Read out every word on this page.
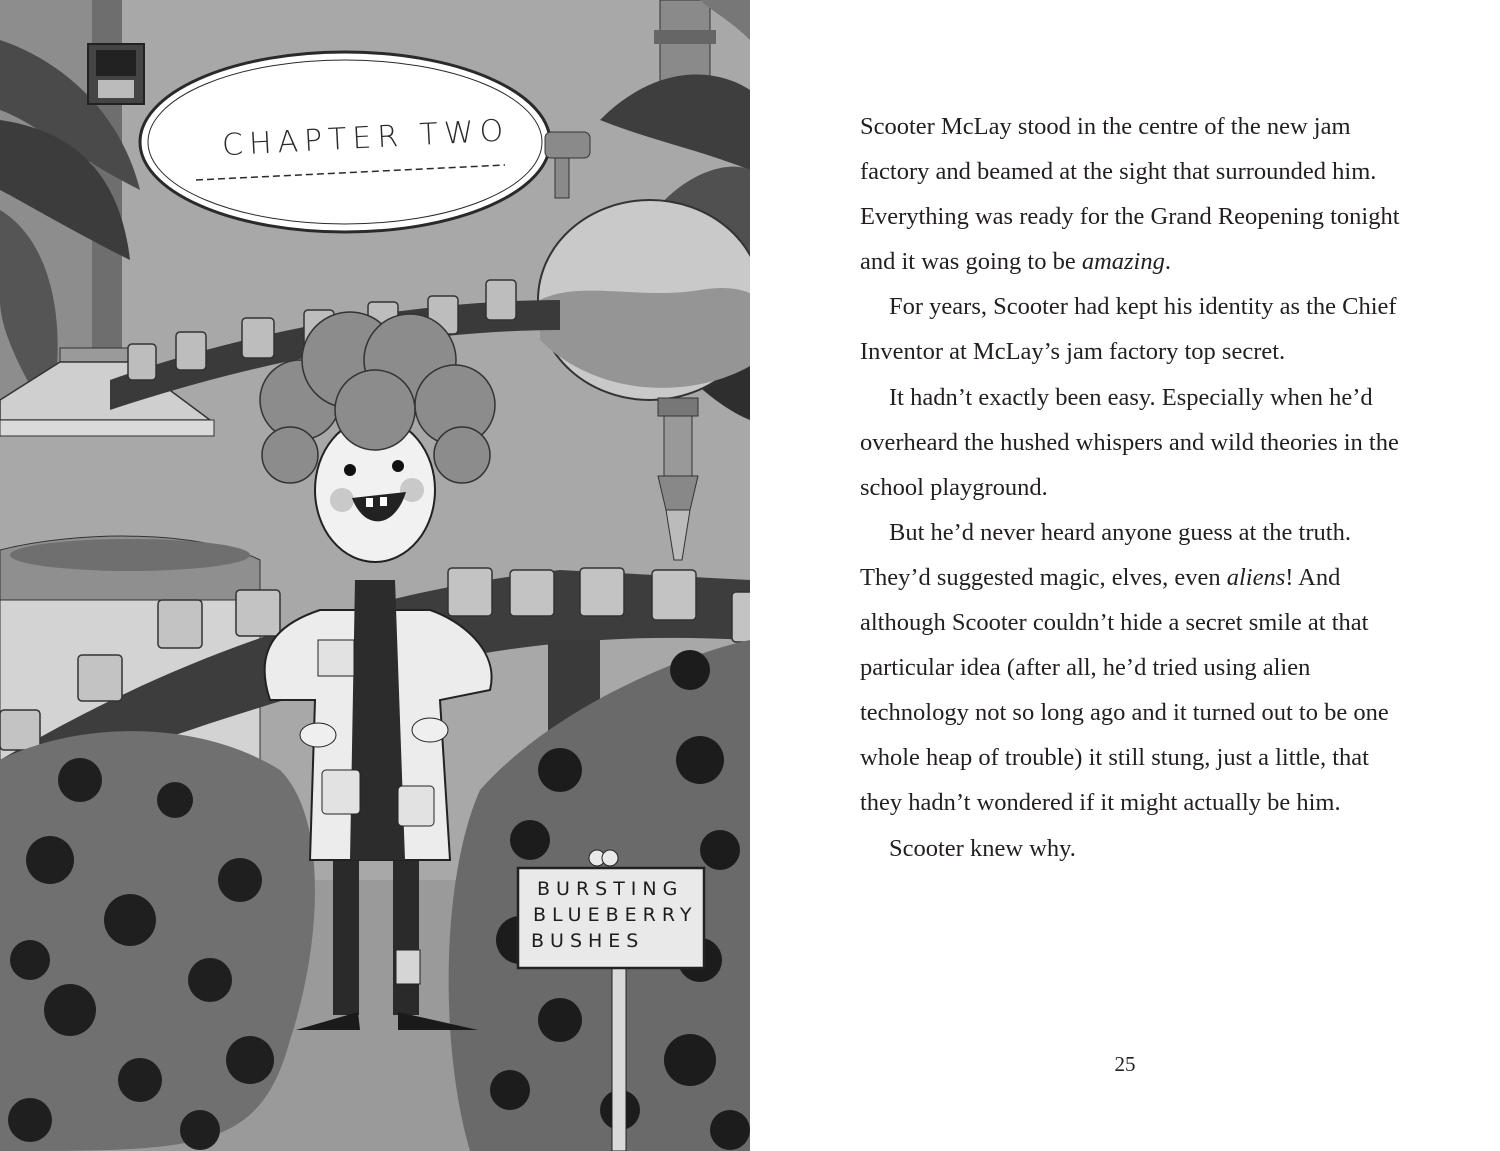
CHAPTER TWO
BURSTING
BLUEBERRY
BUSHES

Scooter McLay stood in the centre of the new jam factory and beamed at the sight that surrounded him. Everything was ready for the Grand Reopening tonight and it was going to be amazing.

For years, Scooter had kept his identity as the Chief Inventor at McLay’s jam factory top secret.

It hadn’t exactly been easy. Especially when he’d overheard the hushed whispers and wild theories in the school playground.

But he’d never heard anyone guess at the truth. They’d suggested magic, elves, even aliens! And although Scooter couldn’t hide a secret smile at that particular idea (after all, he’d tried using alien technology not so long ago and it turned out to be one whole heap of trouble) it still stung, just a little, that they hadn’t wondered if it might actually be him.

Scooter knew why.

25
